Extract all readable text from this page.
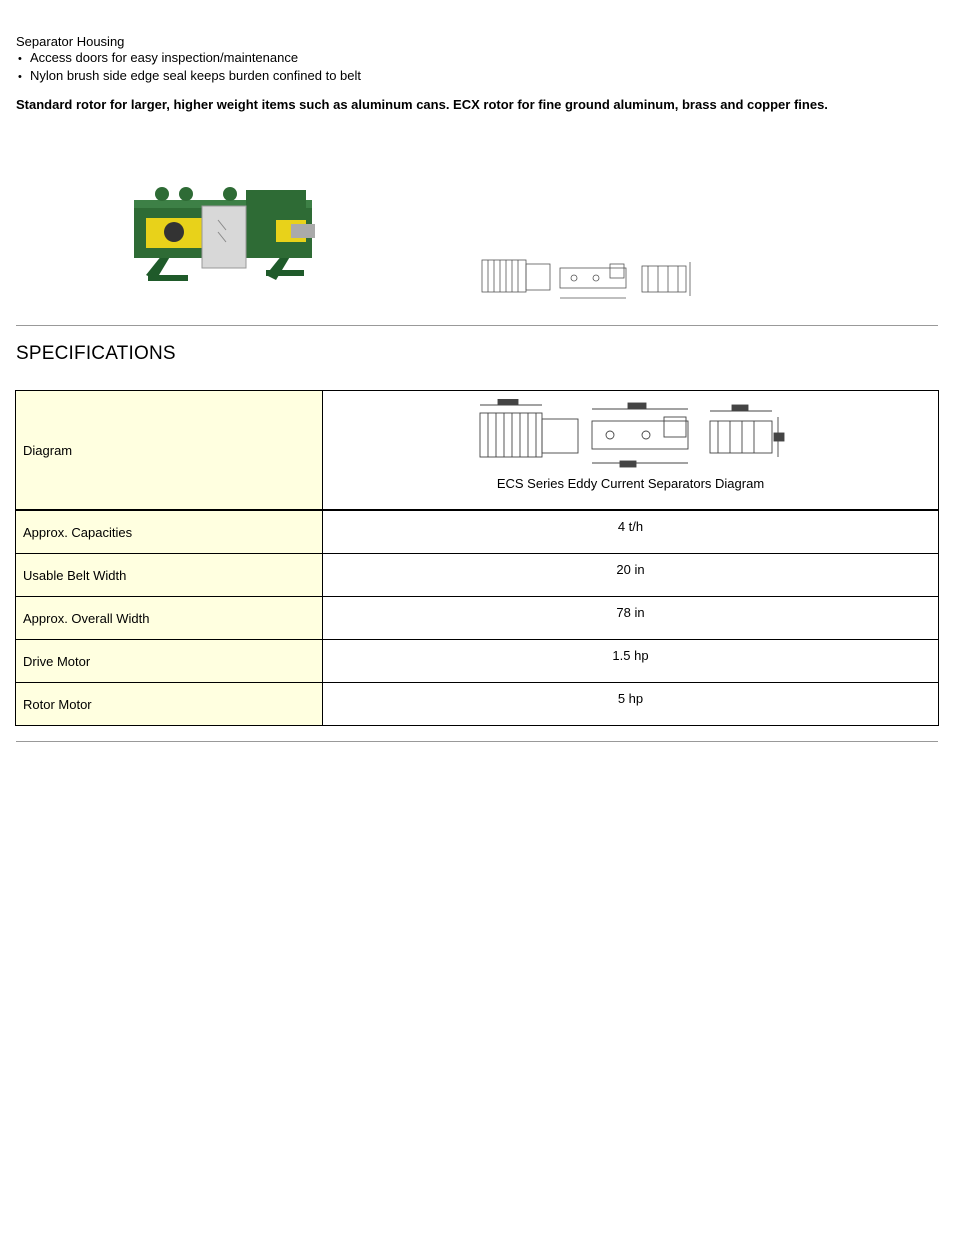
Separator Housing
• Access doors for easy inspection/maintenance
• Nylon brush side edge seal keeps burden confined to belt
Standard rotor for larger, higher weight items such as aluminum cans. ECX rotor for fine ground aluminum, brass and copper fines.
SPECIFICATIONS
Diagram	ECS Series Eddy Current Separators Diagram

Approx. Capacities	4 t/h

Usable Belt Width	20 in

Approx. Overall Width	78 in

Drive Motor	1.5 hp

Rotor Motor	5 hp
